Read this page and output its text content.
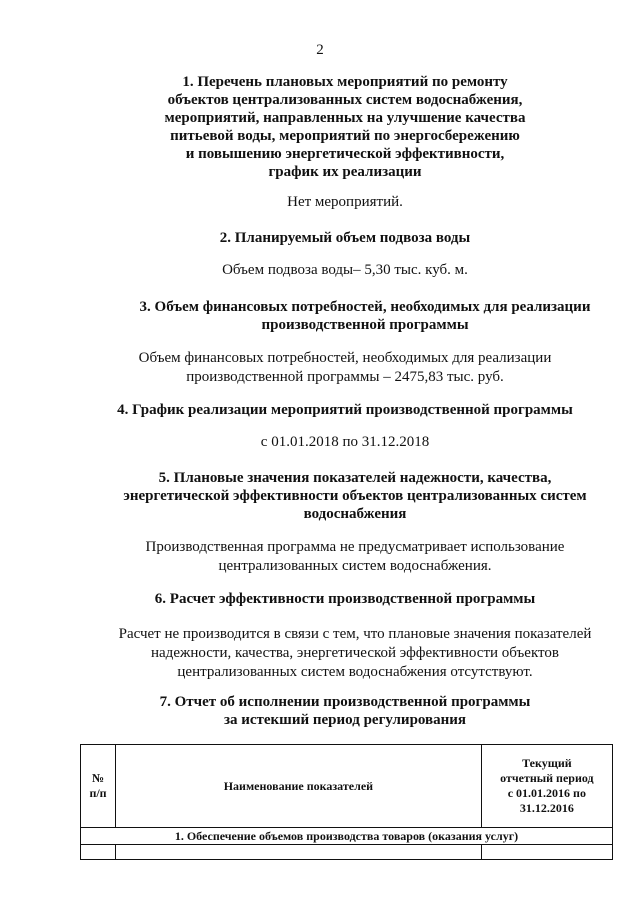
2
1. Перечень плановых мероприятий по ремонту
объектов централизованных систем водоснабжения,
мероприятий, направленных на улучшение качества
питьевой воды, мероприятий по энергосбережению
и повышению энергетической эффективности,
график их реализации
Нет мероприятий.
2. Планируемый объем подвоза воды
Объем подвоза воды– 5,30 тыс. куб. м.
3. Объем финансовых потребностей, необходимых для реализации
производственной программы
Объем финансовых потребностей, необходимых для реализации
производственной программы – 2475,83 тыс. руб.
4. График реализации мероприятий производственной программы
с 01.01.2018 по 31.12.2018
5. Плановые значения показателей надежности, качества,
энергетической эффективности объектов централизованных систем
водоснабжения
Производственная программа не предусматривает использование
централизованных систем водоснабжения.
6. Расчет эффективности производственной программы
Расчет не производится в связи с тем, что плановые значения показателей
надежности, качества, энергетической эффективности объектов
централизованных систем водоснабжения отсутствуют.
7. Отчет об исполнении производственной программы
за истекший период регулирования
№
п/п	Наименование показателей	Текущий
отчетный период
с 01.01.2016 по
31.12.2016

1. Обеспечение объемов производства товаров (оказания услуг)		
